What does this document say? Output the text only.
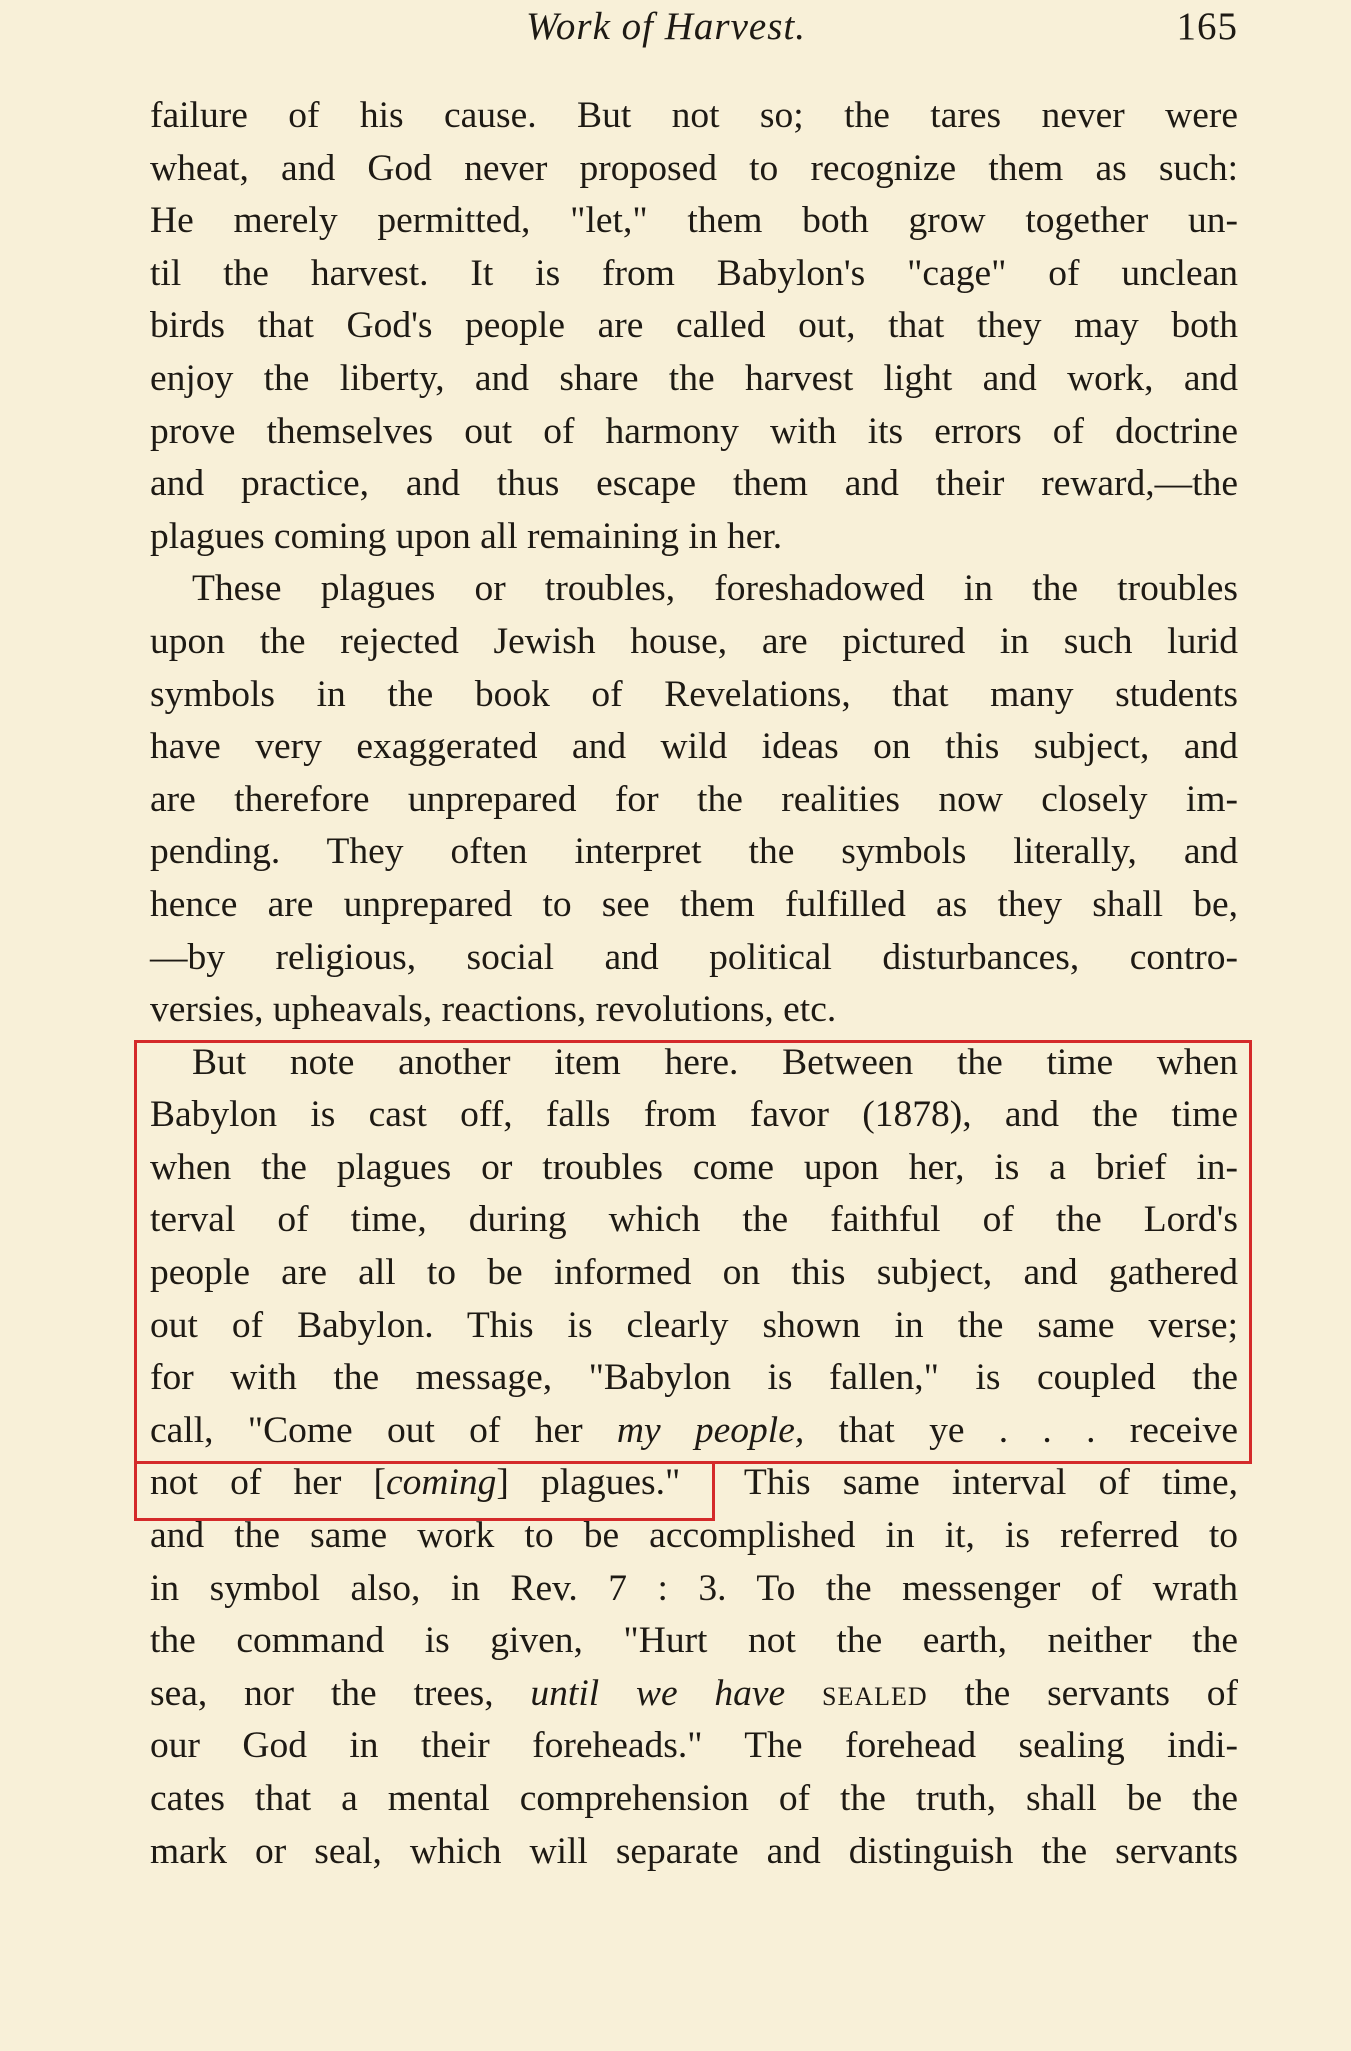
Work of Harvest.	165
failure of his cause. But not so; the tares never were
wheat, and God never proposed to recognize them as such:
He merely permitted, "let," them both grow together un-
til the harvest. It is from Babylon's "cage" of unclean
birds that God's people are called out, that they may both
enjoy the liberty, and share the harvest light and work, and
prove themselves out of harmony with its errors of doctrine
and practice, and thus escape them and their reward,—the
plagues coming upon all remaining in her.
These plagues or troubles, foreshadowed in the troubles
upon the rejected Jewish house, are pictured in such lurid
symbols in the book of Revelations, that many students
have very exaggerated and wild ideas on this subject, and
are therefore unprepared for the realities now closely im-
pending. They often interpret the symbols literally, and
hence are unprepared to see them fulfilled as they shall be,
—by religious, social and political disturbances, contro-
versies, upheavals, reactions, revolutions, etc.
But note another item here. Between the time when
Babylon is cast off, falls from favor (1878), and the time
when the plagues or troubles come upon her, is a brief in-
terval of time, during which the faithful of the Lord's
people are all to be informed on this subject, and gathered
out of Babylon. This is clearly shown in the same verse;
for with the message, "Babylon is fallen," is coupled the
call, "Come out of her my people, that ye . . . receive
not of her [coming] plagues."  This same interval of time,
and the same work to be accomplished in it, is referred to
in symbol also, in Rev. 7 : 3. To the messenger of wrath
the command is given, "Hurt not the earth, neither the
sea, nor the trees, until we have sealed the servants of
our God in their foreheads." The forehead sealing indi-
cates that a mental comprehension of the truth, shall be the
mark or seal, which will separate and distinguish the servants
